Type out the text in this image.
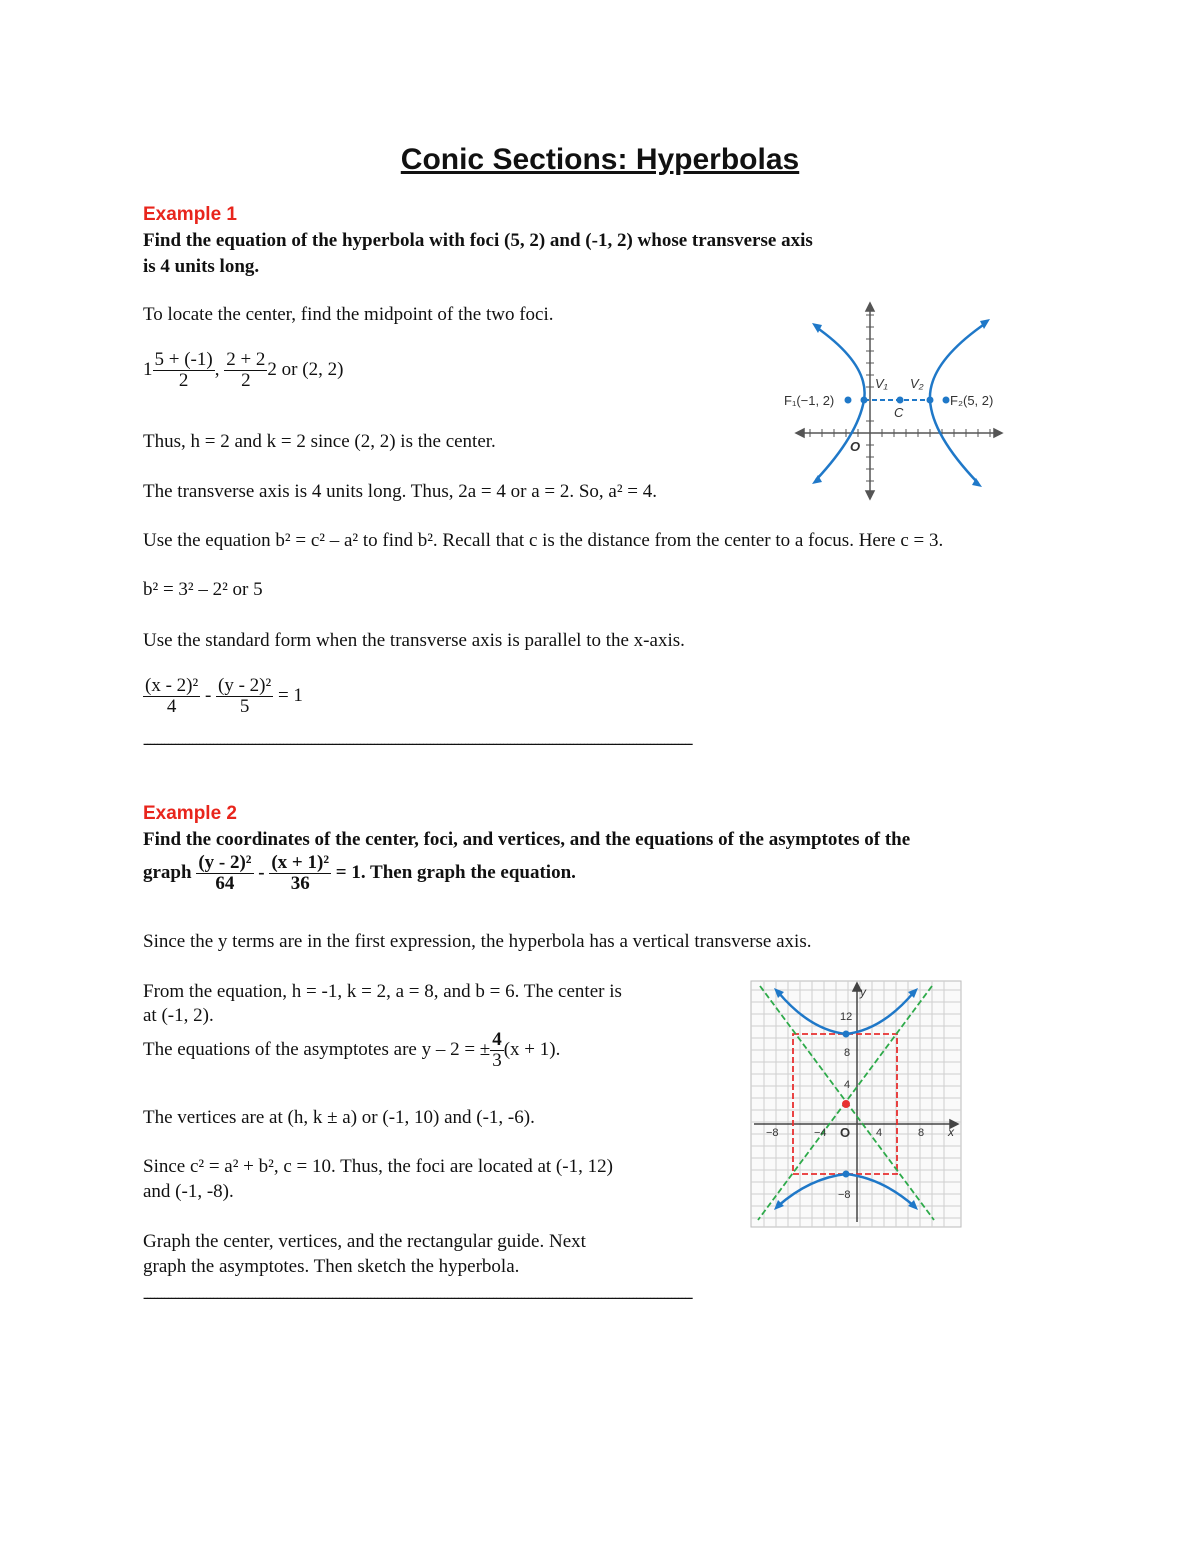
Conic Sections: Hyperbolas
Example 1
Find the equation of the hyperbola with foci (5, 2) and (-1, 2) whose transverse axis
is 4 units long.
To locate the center, find the midpoint of the two foci.
$1 \frac{5 + (-1)}{2}$ , $\frac{2 + 2}{2} 2$ or (2, 2)
Thus, h = 2 and k = 2 since (2, 2) is the center.
The transverse axis is 4 units long. Thus, 2a = 4 or a = 2. So, a² = 4.
Use the equation b² = c² – a² to find b². Recall that c is the distance from the center to a focus. Here c = 3.
b² = 3² – 2² or 5
Use the standard form when the transverse axis is parallel to the x-axis.
$\frac{\text{(x - 2)²}}{4} - \frac{\text{(y - 2)²}}{5} = 1$
F₁(−1, 2)	F₂(5, 2)
V₁ V₂
C
O
-------------------------------------------------------------------------------------------------------------------------------------------------------------
Example 2
Find the coordinates of the center, foci, and vertices, and the equations of the asymptotes of the
graph $\frac{\text{(y - 2)²}}{64} - \frac{\text{(x + 1)²}}{36} = 1$. Then graph the equation.
Since the y terms are in the first expression, the hyperbola has a vertical transverse axis.
From the equation, h = -1, k = 2, a = 8, and b = 6. The center is
at (-1, 2).
The equations of the asymptotes are y – 2 = ± $\frac{4}{3} (x + 1)$.
The vertices are at (h, k ± a) or (-1, 10) and (-1, -6).
Since c² = a² + b², c = 10. Thus, the foci are located at (-1, 12)
and (-1, -8).
Graph the center, vertices, and the rectangular guide. Next
graph the asymptotes. Then sketch the hyperbola.
y
x
O
12
8
4
−8
−8	−4	4	8
-------------------------------------------------------------------------------------------------------------------------------------------------------------
